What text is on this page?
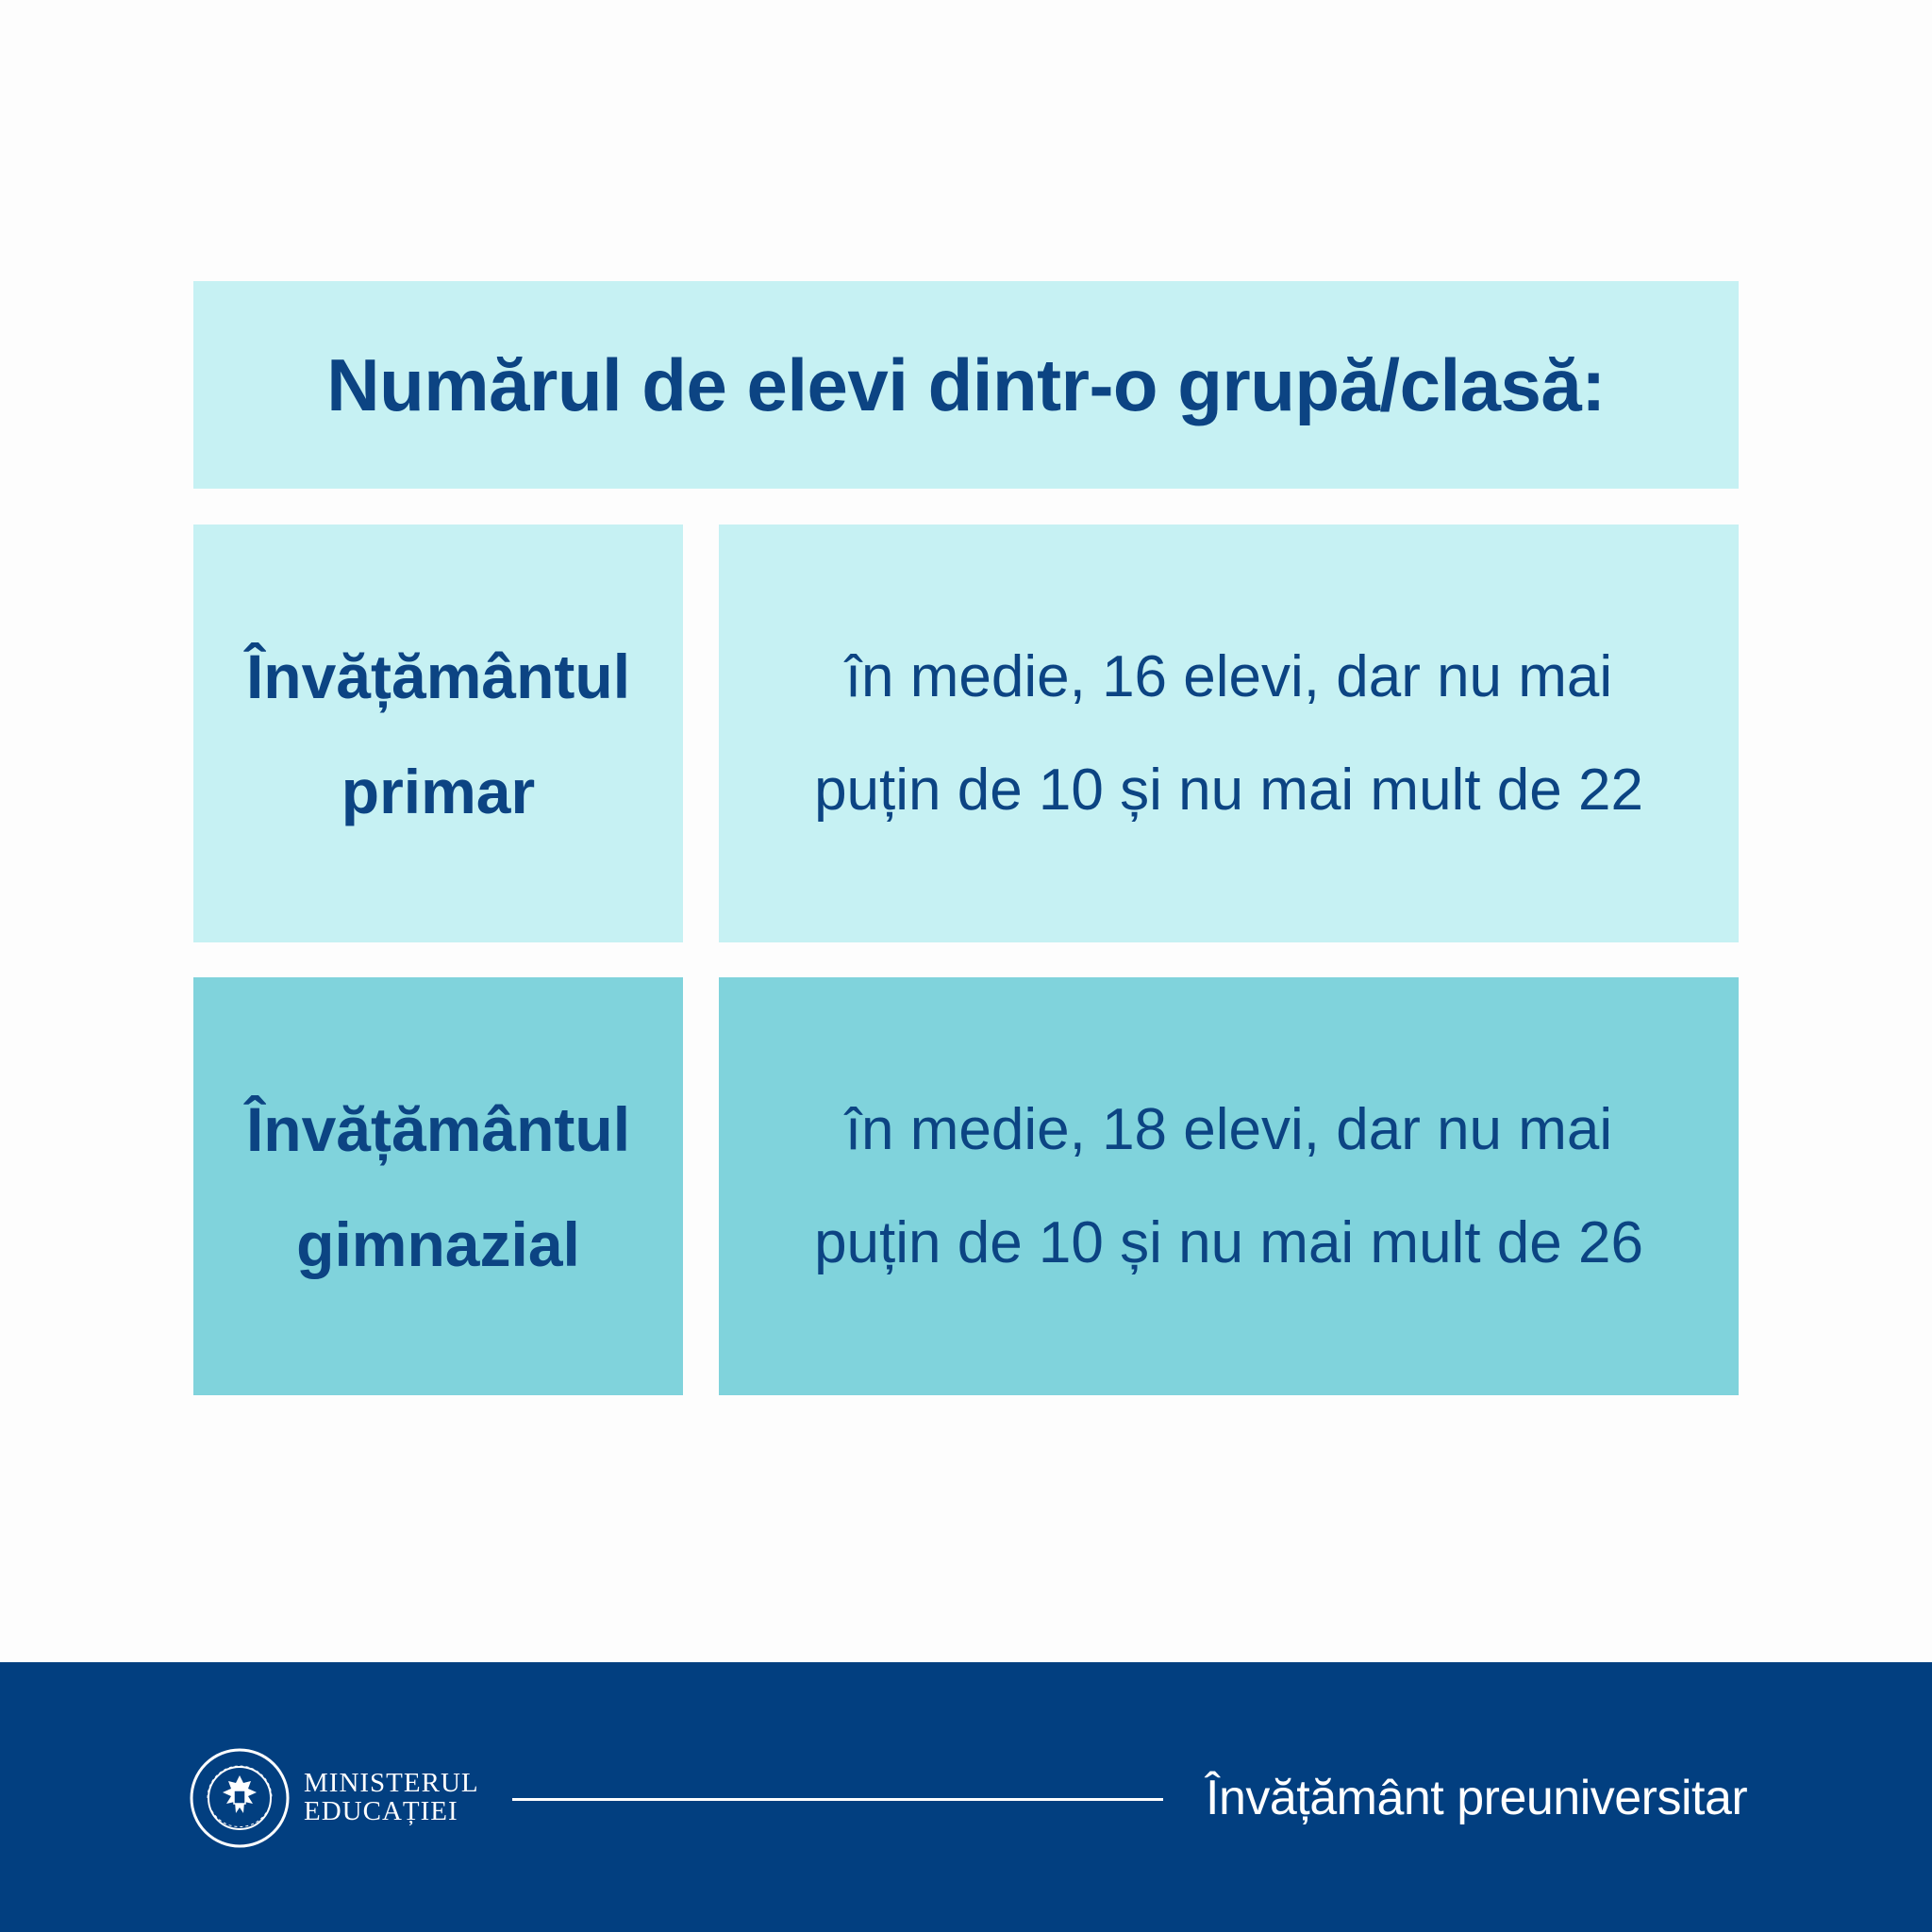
Numărul de elevi dintr-o grupă/clasă:
Învățământul
primar
în medie, 16 elevi, dar nu mai
puțin de 10 și nu mai mult de 22
Învățământul
gimnazial
în medie, 18 elevi, dar nu mai
puțin de 10 și nu mai mult de 26
MINISTERUL
EDUCAȚIEI	Învățământ preuniversitar
